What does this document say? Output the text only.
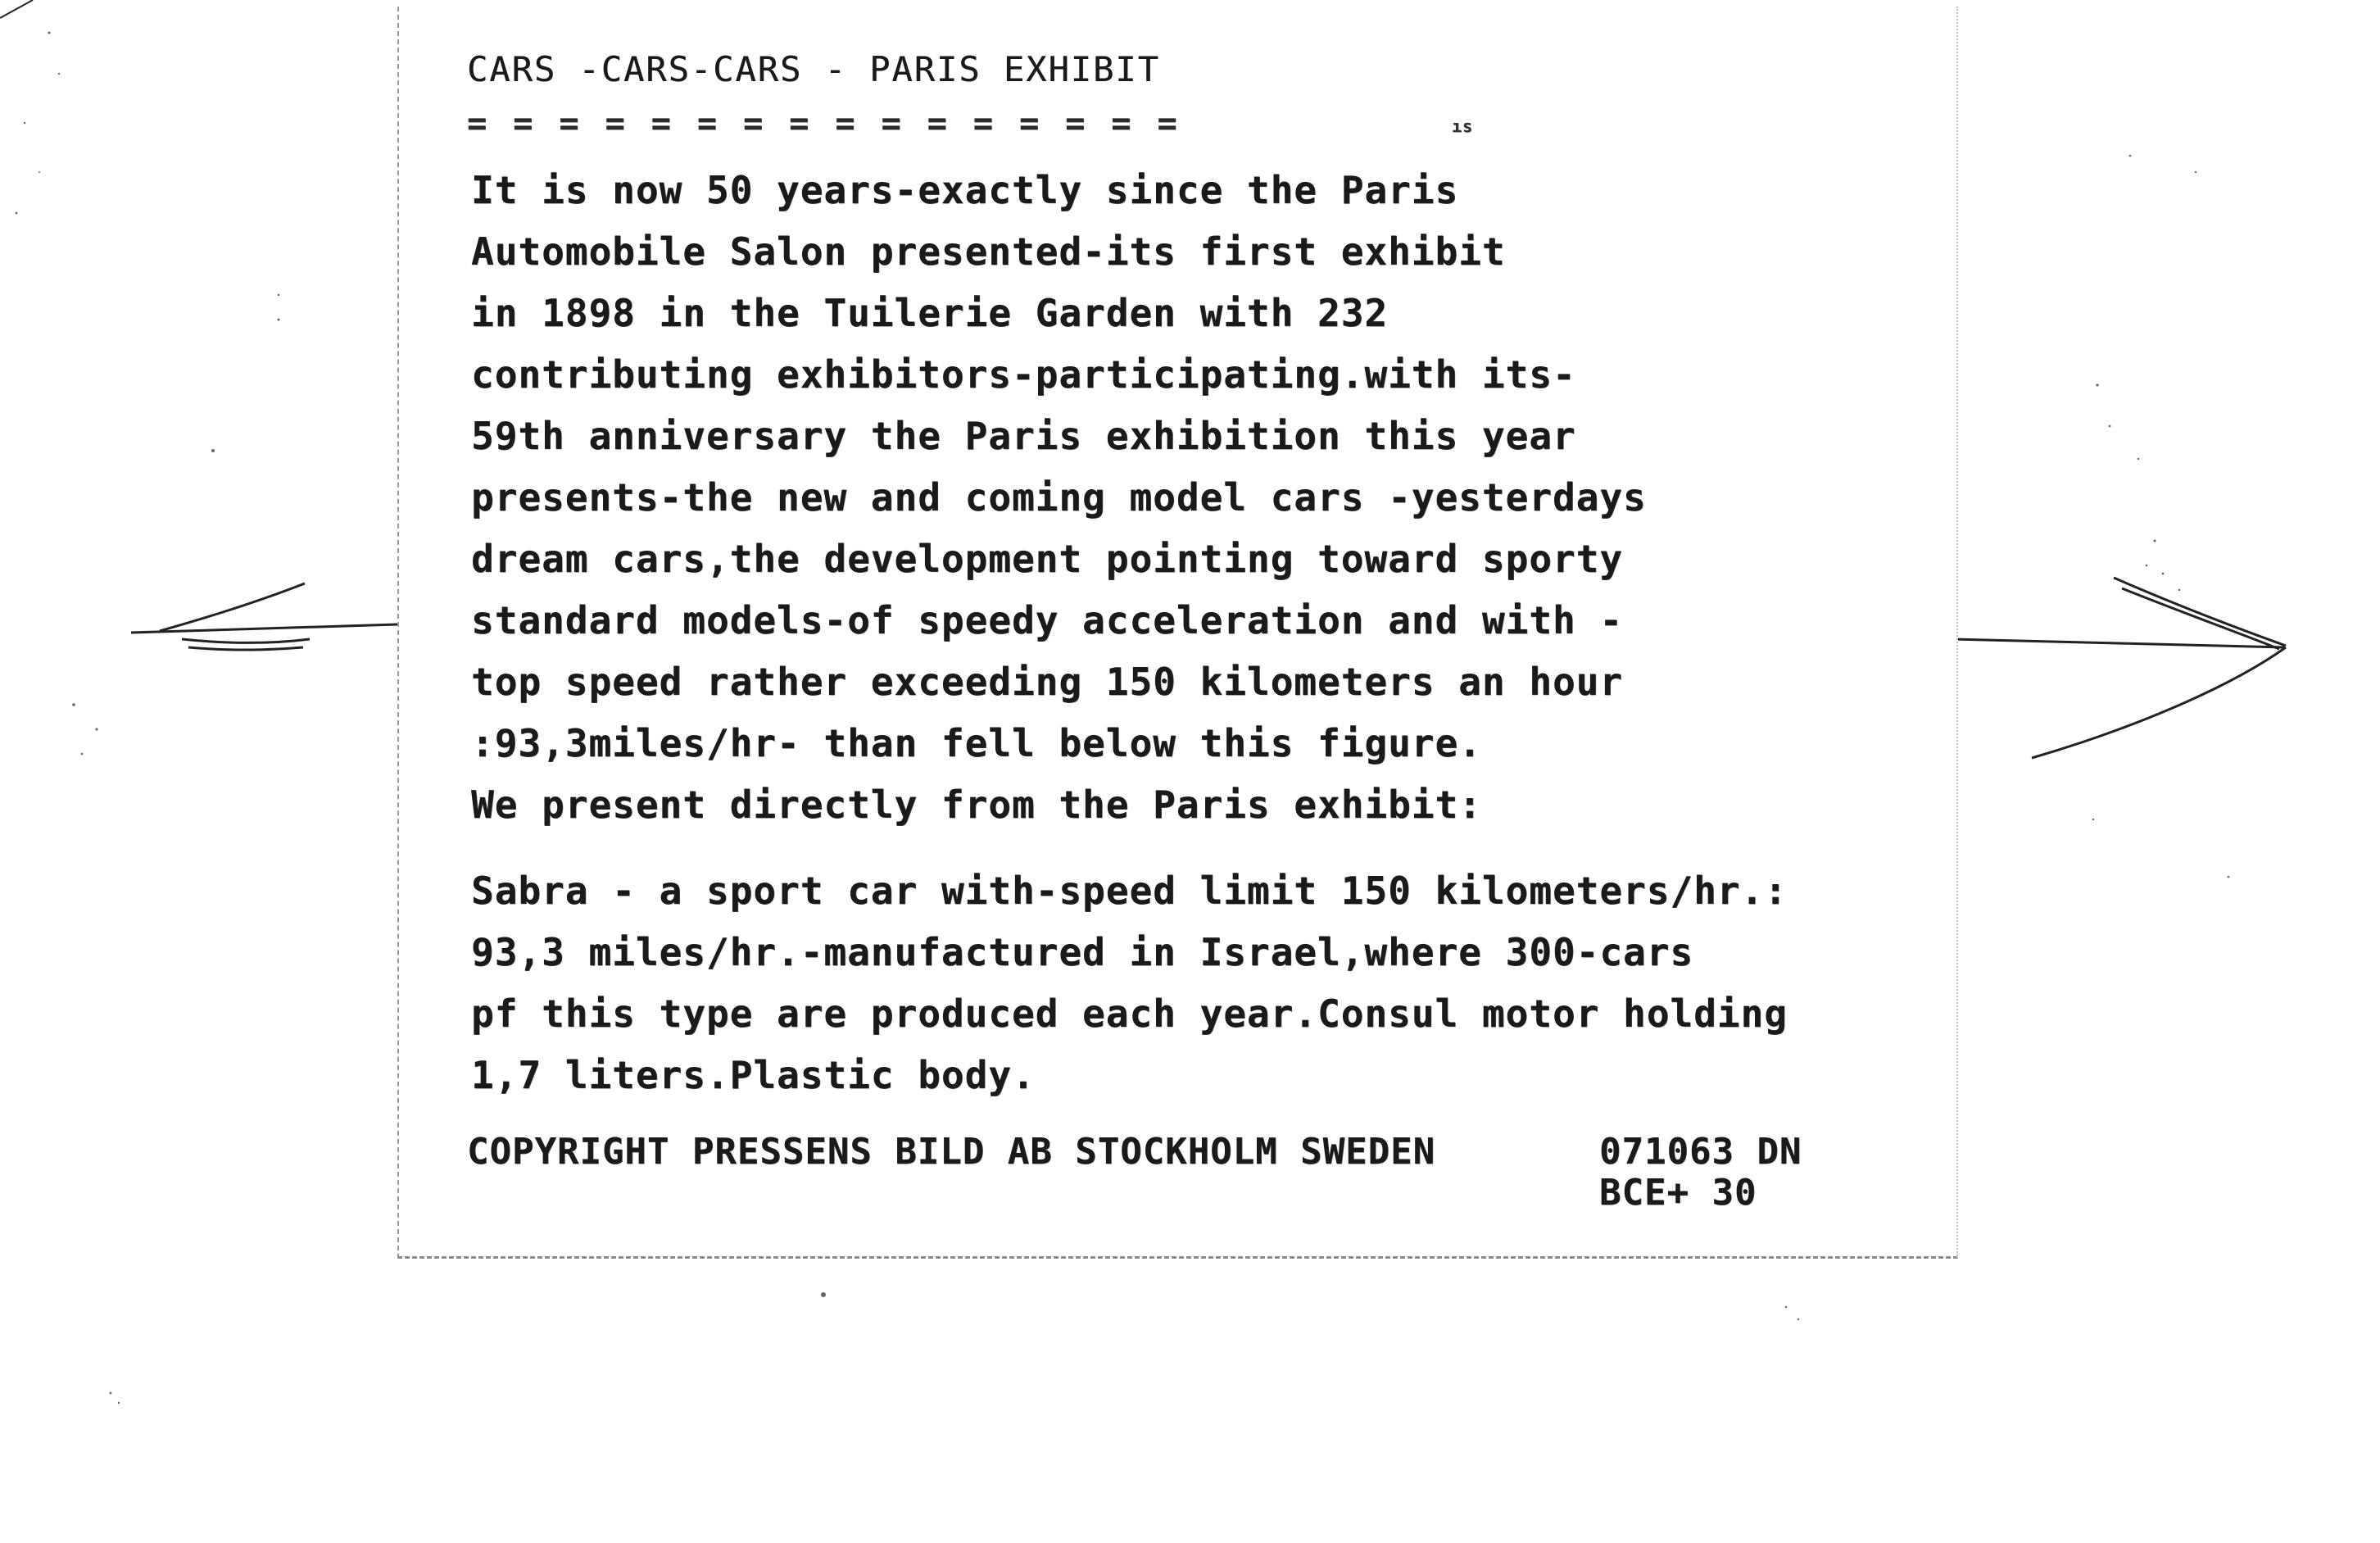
CARS -CARS-CARS - PARIS EXHIBIT
= = = = = = = = = = = = = = = =	ıs
It is now 50 years-exactly since the Paris
Automobile Salon presented-its first exhibit
in 1898 in the Tuilerie Garden with 232
contributing exhibitors-participating.with its-
59th anniversary the Paris exhibition this year
presents-the new and coming model cars -yesterdays
dream cars,the development pointing toward sporty
standard models-of speedy acceleration and with -
top speed rather exceeding 150 kilometers an hour
:93,3miles/hr- than fell below this figure.
We present directly from the Paris exhibit:
Sabra - a sport car with-speed limit 150 kilometers/hr.:
93,3 miles/hr.-manufactured in Israel,where 300-cars
pf this type are produced each year.Consul motor holding
1,7 liters.Plastic body.
COPYRIGHT PRESSENS BILD AB STOCKHOLM SWEDEN	071063 DN
BCE+ 30
